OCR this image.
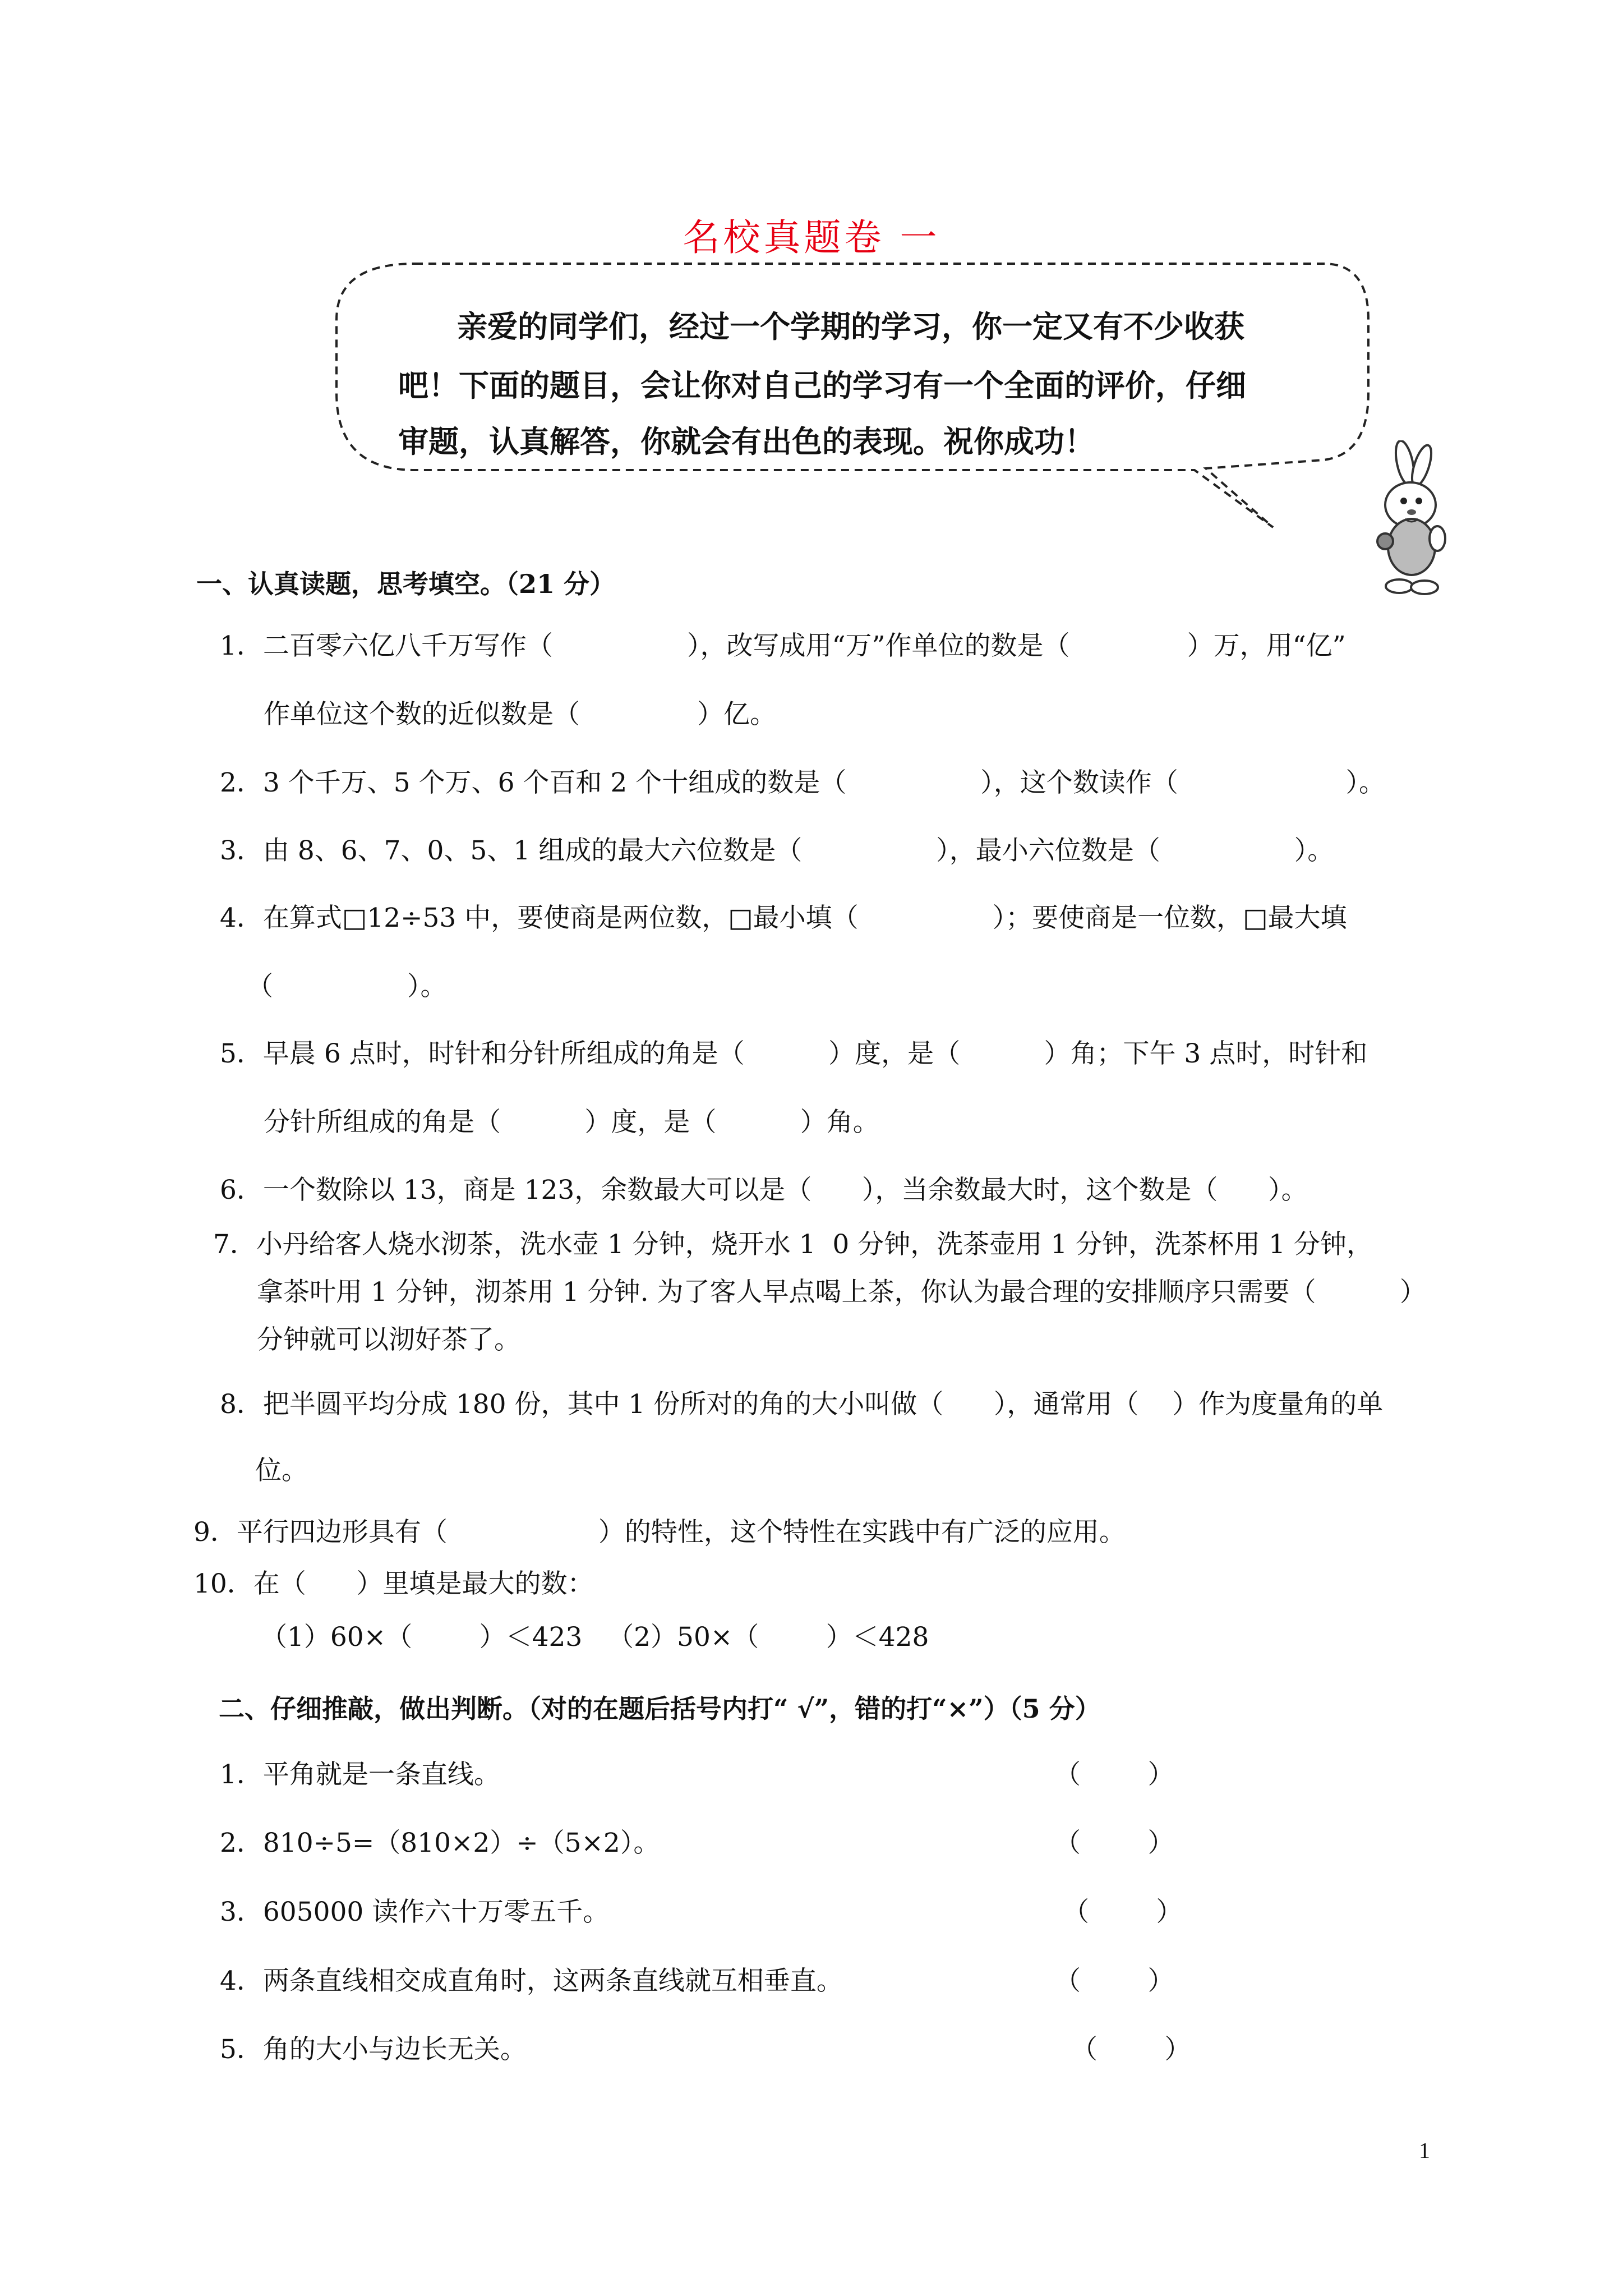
名校真题卷 一
亲爱的同学们，经过一个学期的学习，你一定又有不少收获
吧！下面的题目，会让你对自己的学习有一个全面的评价，仔细
审题，认真解答，你就会有出色的表现。祝你成功！
一、认真读题，思考填空。（21 分）
1．二百零六亿八千万写作（                ），改写成用“万”作单位的数是（              ）万，用“亿”
作单位这个数的近似数是（              ）亿。
2．3 个千万、5 个万、6 个百和 2 个十组成的数是（                ），这个数读作（                    ）。
3．由 8、6、7、0、5、1 组成的最大六位数是（                ），最小六位数是（                ）。
4．在算式□12÷53 中，要使商是两位数，□最小填（                ）；要使商是一位数，□最大填
（                ）。
5．早晨 6 点时，时针和分针所组成的角是（          ）度，是（          ）角；下午 3 点时，时针和
分针所组成的角是（          ）度，是（          ）角。
6．一个数除以 13，商是 123，余数最大可以是（      ），当余数最大时，这个数是（      ）。
7．小丹给客人烧水沏茶，洗水壶 1 分钟，烧开水 1  0 分钟，洗茶壶用 1 分钟，洗茶杯用 1 分钟，
拿茶叶用 1 分钟，沏茶用 1 分钟. 为了客人早点喝上茶，你认为最合理的安排顺序只需要（          ）
分钟就可以沏好茶了。
8．把半圆平均分成 180 份，其中 1 份所对的角的大小叫做（      ），通常用（    ）作为度量角的单
位。
9．平行四边形具有（                  ）的特性，这个特性在实践中有广泛的应用。
10．在（      ）里填是最大的数：
（1）60×（        ）＜423   （2）50×（        ）＜428
二、仔细推敲，做出判断。（对的在题后括号内打“ √”，错的打“×”）（5 分）
1．平角就是一条直线。	（        ）
2．810÷5=（810×2）÷（5×2）。	（        ）
3．605000 读作六十万零五千。	（        ）
4．两条直线相交成直角时，这两条直线就互相垂直。	（        ）
5．角的大小与边长无关。	（        ）
1
